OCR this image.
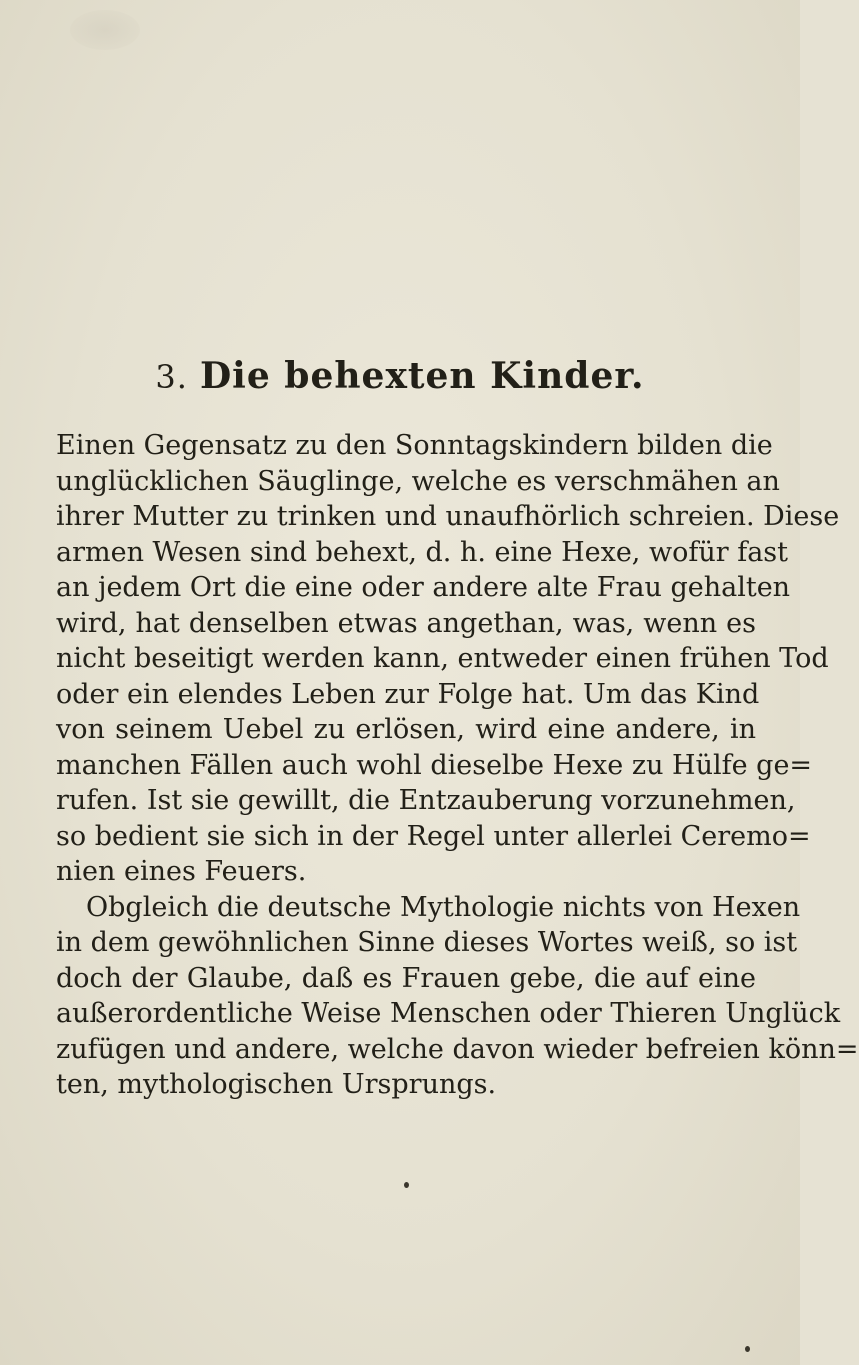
3. Die behexten Kinder.
Einen Gegensatz zu den Sonntagskindern bilden die
unglücklichen Säuglinge, welche es verschmähen an
ihrer Mutter zu trinken und unaufhörlich schreien. Diese
armen Wesen sind behext, d. h. eine Hexe, wofür fast
an jedem Ort die eine oder andere alte Frau gehalten
wird, hat denselben etwas angethan, was, wenn es
nicht beseitigt werden kann, entweder einen frühen Tod
oder ein elendes Leben zur Folge hat. Um das Kind
von seinem Uebel zu erlösen, wird eine andere, in
manchen Fällen auch wohl dieselbe Hexe zu Hülfe ge=
rufen. Ist sie gewillt, die Entzauberung vorzunehmen,
so bedient sie sich in der Regel unter allerlei Ceremo=
nien eines Feuers.
Obgleich die deutsche Mythologie nichts von Hexen
in dem gewöhnlichen Sinne dieses Wortes weiß, so ist
doch der Glaube, daß es Frauen gebe, die auf eine
außerordentliche Weise Menschen oder Thieren Unglück
zufügen und andere, welche davon wieder befreien könn=
ten, mythologischen Ursprungs.
